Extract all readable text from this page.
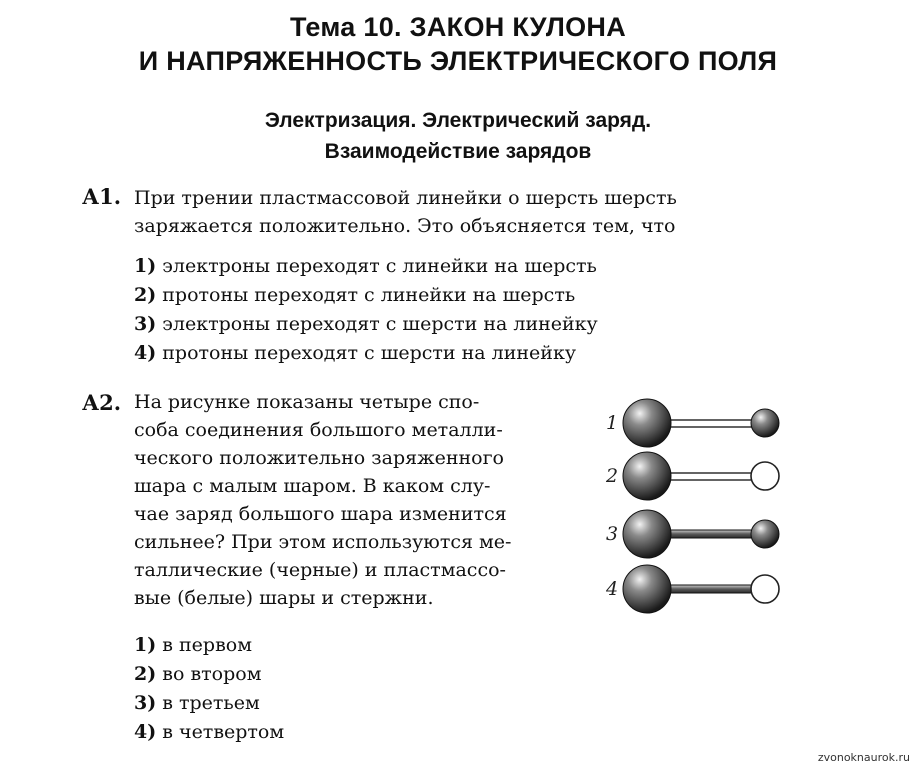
Тема 10. ЗАКОН КУЛОНА
И НАПРЯЖЕННОСТЬ ЭЛЕКТРИЧЕСКОГО ПОЛЯ
Электризация. Электрический заряд.
Взаимодействие зарядов
А1. При трении пластмассовой линейки о шерсть шерсть
заряжается положительно. Это объясняется тем, что
1) электроны переходят с линейки на шерсть
2) протоны переходят с линейки на шерсть
3) электроны переходят с шерсти на линейку
4) протоны переходят с шерсти на линейку
А2. На рисунке показаны четыре спо-
соба соединения большого металли-
ческого положительно заряженного
шара с малым шаром. В каком слу-
чае заряд большого шара изменится
сильнее? При этом используются ме-
таллические (черные) и пластмассо-
вые (белые) шары и стержни.
1) в первом
2) во втором
3) в третьем
4) в четвертом
1
2
3
4
zvonoknaurok.ru
